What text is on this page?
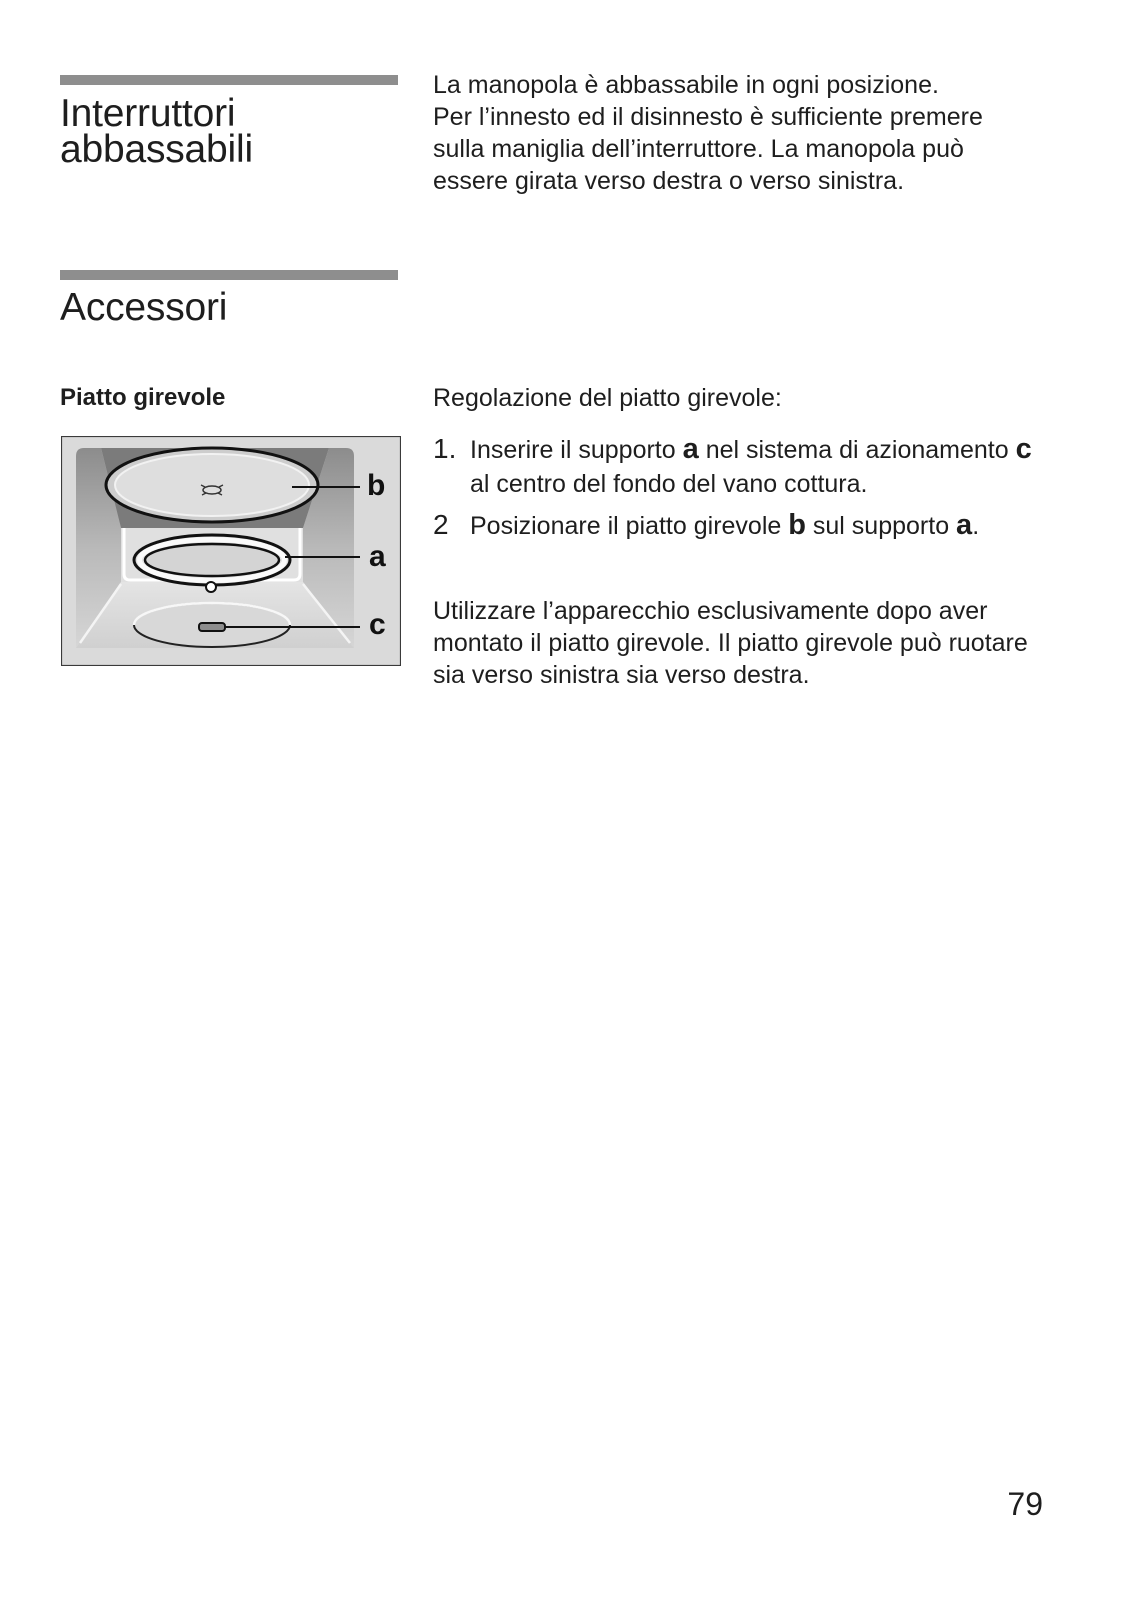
Interruttori
abbassabili
La manopola è abbassabile in ogni posizione.
Per l’innesto ed il disinnesto è sufficiente premere
sulla maniglia dell’interruttore. La manopola può
essere girata verso destra o verso sinistra.
Accessori
Piatto girevole	Regolazione del piatto girevole:
1. Inserire il supporto a nel sistema di azionamento c
al centro del fondo del vano cottura.
2 Posizionare il piatto girevole b sul supporto a.
Utilizzare l’apparecchio esclusivamente dopo aver
montato il piatto girevole. Il piatto girevole può ruotare
sia verso sinistra sia verso destra.
b
a
c
79
